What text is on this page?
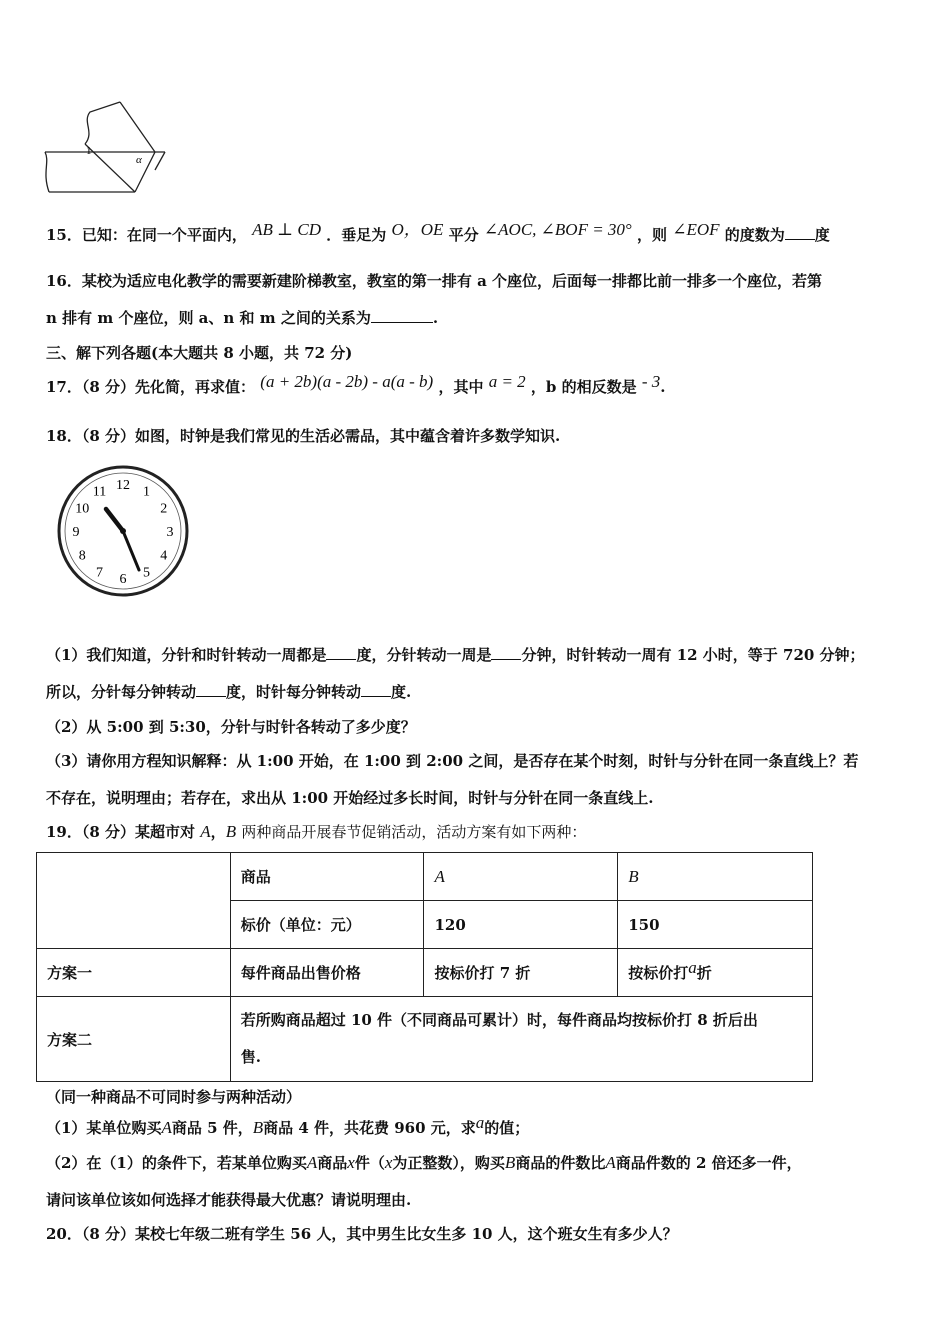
1
α
15．已知：在同一个平面内， AB ⊥ CD ．垂足为 O，OE 平分 ∠AOC, ∠BOF = 30° ，则 ∠EOF 的度数为 度
16．某校为适应电化教学的需要新建阶梯教室，教室的第一排有 a 个座位，后面每一排都比前一排多一个座位，若第
n 排有 m 个座位，则 a、n 和 m 之间的关系为	.
三、解下列各题(本大题共 8 小题，共 72 分)
17．（8 分）先化简，再求值： (a + 2b)(a - 2b) - a(a - b) ，其中 a = 2 ，b 的相反数是 - 3.
18．（8 分）如图，时钟是我们常见的生活必需品，其中蕴含着许多数学知识.
12 1
2
3
4
5
6
7
8
9
10
11
（1）我们知道，分针和时针转动一周都是 度，分针转动一周是 分钟，时针转动一周有 12 小时，等于 720 分钟；
所以，分针每分钟转动 度，时针每分钟转动 度.
（2）从 5:00 到 5:30，分针与时针各转动了多少度？
（3）请你用方程知识解释：从 1:00 开始，在 1:00 到 2:00 之间，是否存在某个时刻，时针与分针在同一条直线上？若
不存在，说明理由；若存在，求出从 1:00 开始经过多长时间，时针与分针在同一条直线上.
19．（8 分）某超市对 A，B 两种商品开展春节促销活动，活动方案有如下两种：
	商品	A	B
	标价（单位：元）	120	150
方案一	每件商品出售价格	按标价打 7 折	按标价打a折
方案二	若所购商品超过 10 件（不同商品可累计）时，每件商品均按标价打 8 折后出
售.		
（同一种商品不可同时参与两种活动）
（1）某单位购买A商品 5 件，B商品 4 件，共花费 960 元，求a的值；
（2）在（1）的条件下，若某单位购买A商品x件（x为正整数），购买B商品的件数比A商品件数的 2 倍还多一件，
请问该单位该如何选择才能获得最大优惠？请说明理由.
20．（8 分）某校七年级二班有学生 56 人，其中男生比女生多 10 人，这个班女生有多少人？
